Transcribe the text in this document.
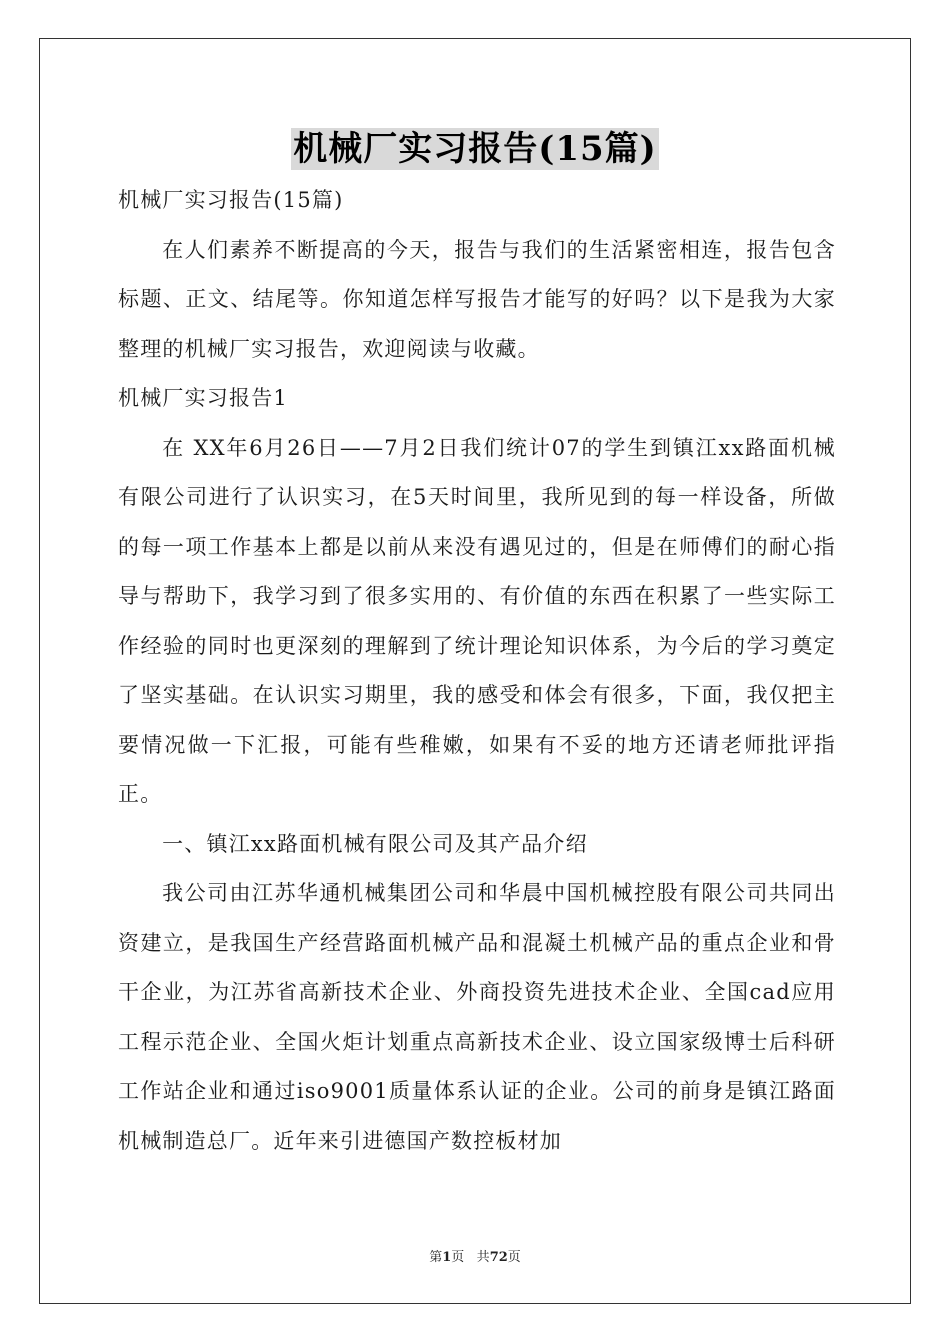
机械厂实习报告(15篇)

机械厂实习报告(15篇)

在人们素养不断提高的今天，报告与我们的生活紧密相连，报告包含标题、正文、结尾等。你知道怎样写报告才能写的好吗？以下是我为大家整理的机械厂实习报告，欢迎阅读与收藏。

机械厂实习报告1

在 XX年6月26日——7月2日我们统计07的学生到镇江xx路面机械有限公司进行了认识实习，在5天时间里，我所见到的每一样设备，所做的每一项工作基本上都是以前从来没有遇见过的，但是在师傅们的耐心指导与帮助下，我学习到了很多实用的、有价值的东西在积累了一些实际工作经验的同时也更深刻的理解到了统计理论知识体系，为今后的学习奠定了坚实基础。在认识实习期里，我的感受和体会有很多，下面，我仅把主要情况做一下汇报，可能有些稚嫩，如果有不妥的地方还请老师批评指正。

一、镇江xx路面机械有限公司及其产品介绍

我公司由江苏华通机械集团公司和华晨中国机械控股有限公司共同出资建立，是我国生产经营路面机械产品和混凝土机械产品的重点企业和骨干企业，为江苏省高新技术企业、外商投资先进技术企业、全国cad应用工程示范企业、全国火炬计划重点高新技术企业、设立国家级博士后科研工作站企业和通过iso9001质量体系认证的企业。公司的前身是镇江路面机械制造总厂。近年来引进德国产数控板材加

第1页 共72页
